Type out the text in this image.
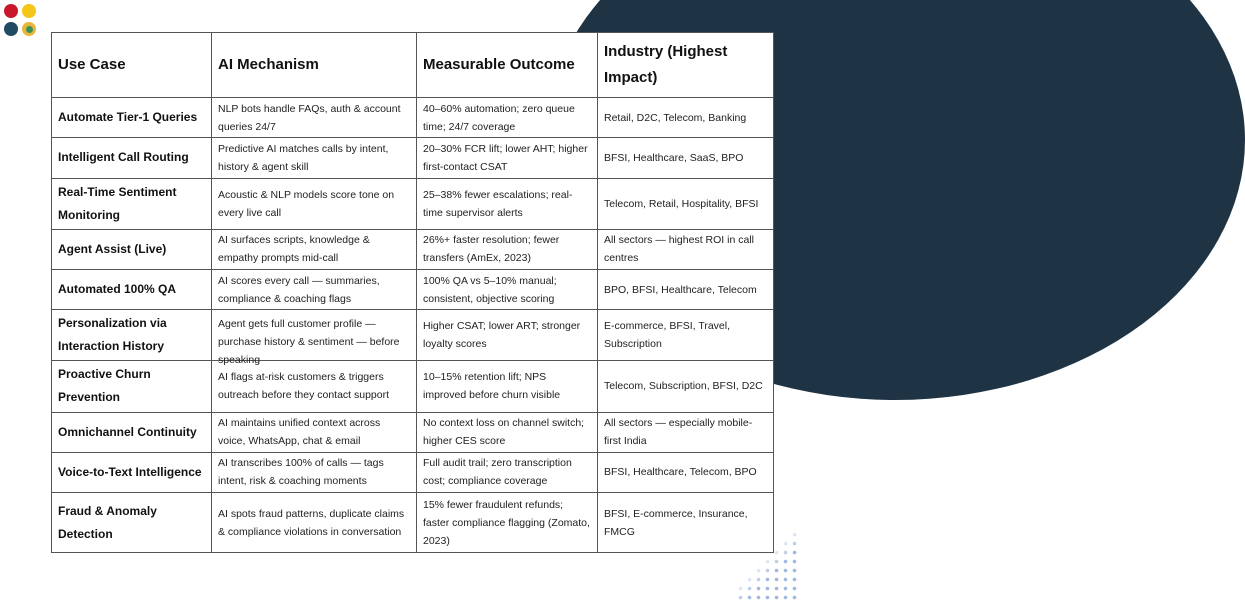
Use Case	AI Mechanism	Measurable Outcome	Industry (Highest Impact)
Automate Tier-1 Queries	NLP bots handle FAQs, auth & account queries 24/7	40–60% automation; zero queue time; 24/7 coverage	Retail, D2C, Telecom, Banking
Intelligent Call Routing	Predictive AI matches calls by intent, history & agent skill	20–30% FCR lift; lower AHT; higher first-contact CSAT	BFSI, Healthcare, SaaS, BPO
Real-Time Sentiment Monitoring	Acoustic & NLP models score tone on every live call	25–38% fewer escalations; real-time supervisor alerts	Telecom, Retail, Hospitality, BFSI
Agent Assist (Live)	AI surfaces scripts, knowledge & empathy prompts mid-call	26%+ faster resolution; fewer transfers (AmEx, 2023)	All sectors — highest ROI in call centres
Automated 100% QA	AI scores every call — summaries, compliance & coaching flags	100% QA vs 5–10% manual; consistent, objective scoring	BPO, BFSI, Healthcare, Telecom
Personalization via Interaction History	Agent gets full customer profile — purchase history & sentiment — before speaking	Higher CSAT; lower ART; stronger loyalty scores	E-commerce, BFSI, Travel, Subscription
Proactive Churn Prevention	AI flags at-risk customers & triggers outreach before they contact support	10–15% retention lift; NPS improved before churn visible	Telecom, Subscription, BFSI, D2C
Omnichannel Continuity	AI maintains unified context across voice, WhatsApp, chat & email	No context loss on channel switch; higher CES score	All sectors — especially mobile-first India
Voice-to-Text Intelligence	AI transcribes 100% of calls — tags intent, risk & coaching moments	Full audit trail; zero transcription cost; compliance coverage	BFSI, Healthcare, Telecom, BPO
Fraud & Anomaly Detection	AI spots fraud patterns, duplicate claims & compliance violations in conversation	15% fewer fraudulent refunds; faster compliance flagging (Zomato, 2023)	BFSI, E-commerce, Insurance, FMCG
